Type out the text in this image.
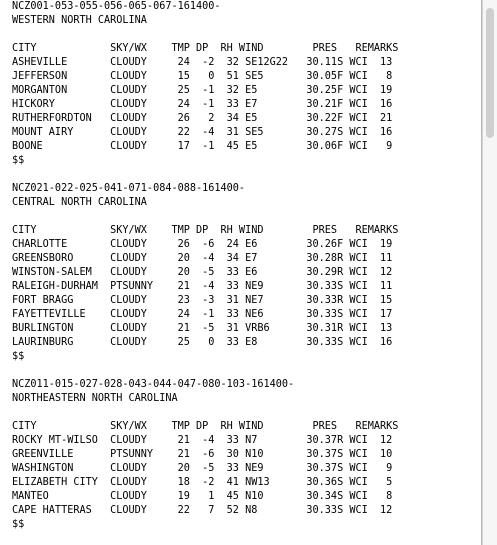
NCZ001-053-055-056-065-067-161400-
WESTERN NORTH CAROLINA
CITY            SKY/WX    TMP DP  RH WIND        PRES   REMARKS
ASHEVILLE       CLOUDY     24  -2  32 SE12G22   30.11S WCI  13
JEFFERSON       CLOUDY     15   0  51 SE5       30.05F WCI   8
MORGANTON       CLOUDY     25  -1  32 E5        30.25F WCI  19
HICKORY         CLOUDY     24  -1  33 E7        30.21F WCI  16
RUTHERFORDTON   CLOUDY     26   2  34 E5        30.22F WCI  21
MOUNT AIRY      CLOUDY     22  -4  31 SE5       30.27S WCI  16
BOONE           CLOUDY     17  -1  45 E5        30.06F WCI   9
$$
NCZ021-022-025-041-071-084-088-161400-
CENTRAL NORTH CAROLINA
CITY            SKY/WX    TMP DP  RH WIND        PRES   REMARKS
CHARLOTTE       CLOUDY     26  -6  24 E6        30.26F WCI  19
GREENSBORO      CLOUDY     20  -4  34 E7        30.28R WCI  11
WINSTON-SALEM   CLOUDY     20  -5  33 E6        30.29R WCI  12
RALEIGH-DURHAM  PTSUNNY    21  -4  33 NE9       30.33S WCI  11
FORT BRAGG      CLOUDY     23  -3  31 NE7       30.33R WCI  15
FAYETTEVILLE    CLOUDY     24  -1  33 NE6       30.33S WCI  17
BURLINGTON      CLOUDY     21  -5  31 VRB6      30.31R WCI  13
LAURINBURG      CLOUDY     25   0  33 E8        30.33S WCI  16
$$
NCZ011-015-027-028-043-044-047-080-103-161400-
NORTHEASTERN NORTH CAROLINA
CITY            SKY/WX    TMP DP  RH WIND        PRES   REMARKS
ROCKY MT-WILSO  CLOUDY     21  -4  33 N7        30.37R WCI  12
GREENVILLE      PTSUNNY    21  -6  30 N10       30.37S WCI  10
WASHINGTON      CLOUDY     20  -5  33 NE9       30.37S WCI   9
ELIZABETH CITY  CLOUDY     18  -2  41 NW13      30.36S WCI   5
MANTEO          CLOUDY     19   1  45 N10       30.34S WCI   8
CAPE HATTERAS   CLOUDY     22   7  52 N8        30.33S WCI  12
$$
